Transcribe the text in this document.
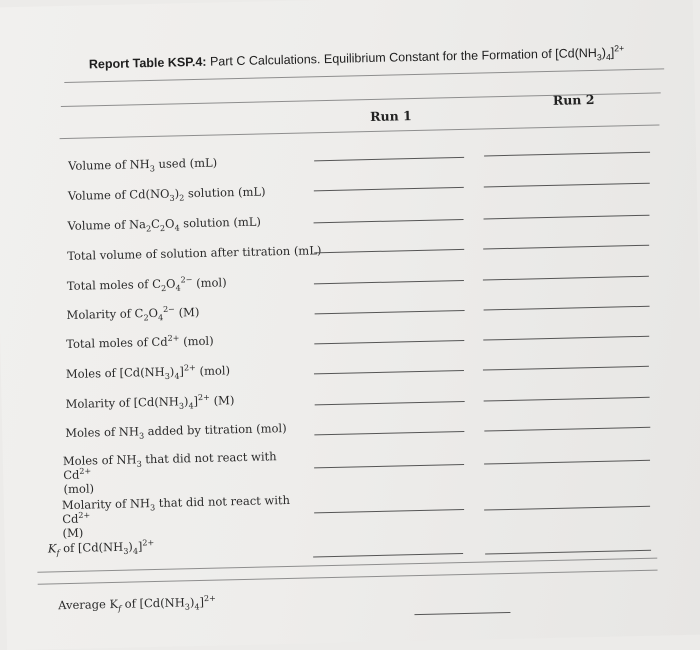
Report Table KSP.4: Part C Calculations. Equilibrium Constant for the Formation of $[Cd(NH_3)_4]^{2+}$
Run 1
Run 2
Volume of $NH_3$ used (mL)
Volume of $Cd(NO_3)_2$ solution (mL)
Volume of $Na_2C_2O_4$ solution (mL)
Total volume of solution after titration (mL)
Total moles of $C_2O_4^{2-}$ (mol)
Molarity of $C_2O_4^{2-}$ (M)
Total moles of $Cd^{2+}$ (mol)
Moles of $[Cd(NH_3)_4]^{2+}$ (mol)
Molarity of $[Cd(NH_3)_4]^{2+}$ (M)
Moles of $NH_3$ added by titration (mol)
Moles of $NH_3$ that did not react with $Cd^{2+}$
(mol)
Molarity of $NH_3$ that did not react with $Cd^{2+}$
(M)
$K_f$ of $[Cd(NH_3)_4]^{2+}$
Average $K_f$ of $[Cd(NH_3)_4]^{2+}$
